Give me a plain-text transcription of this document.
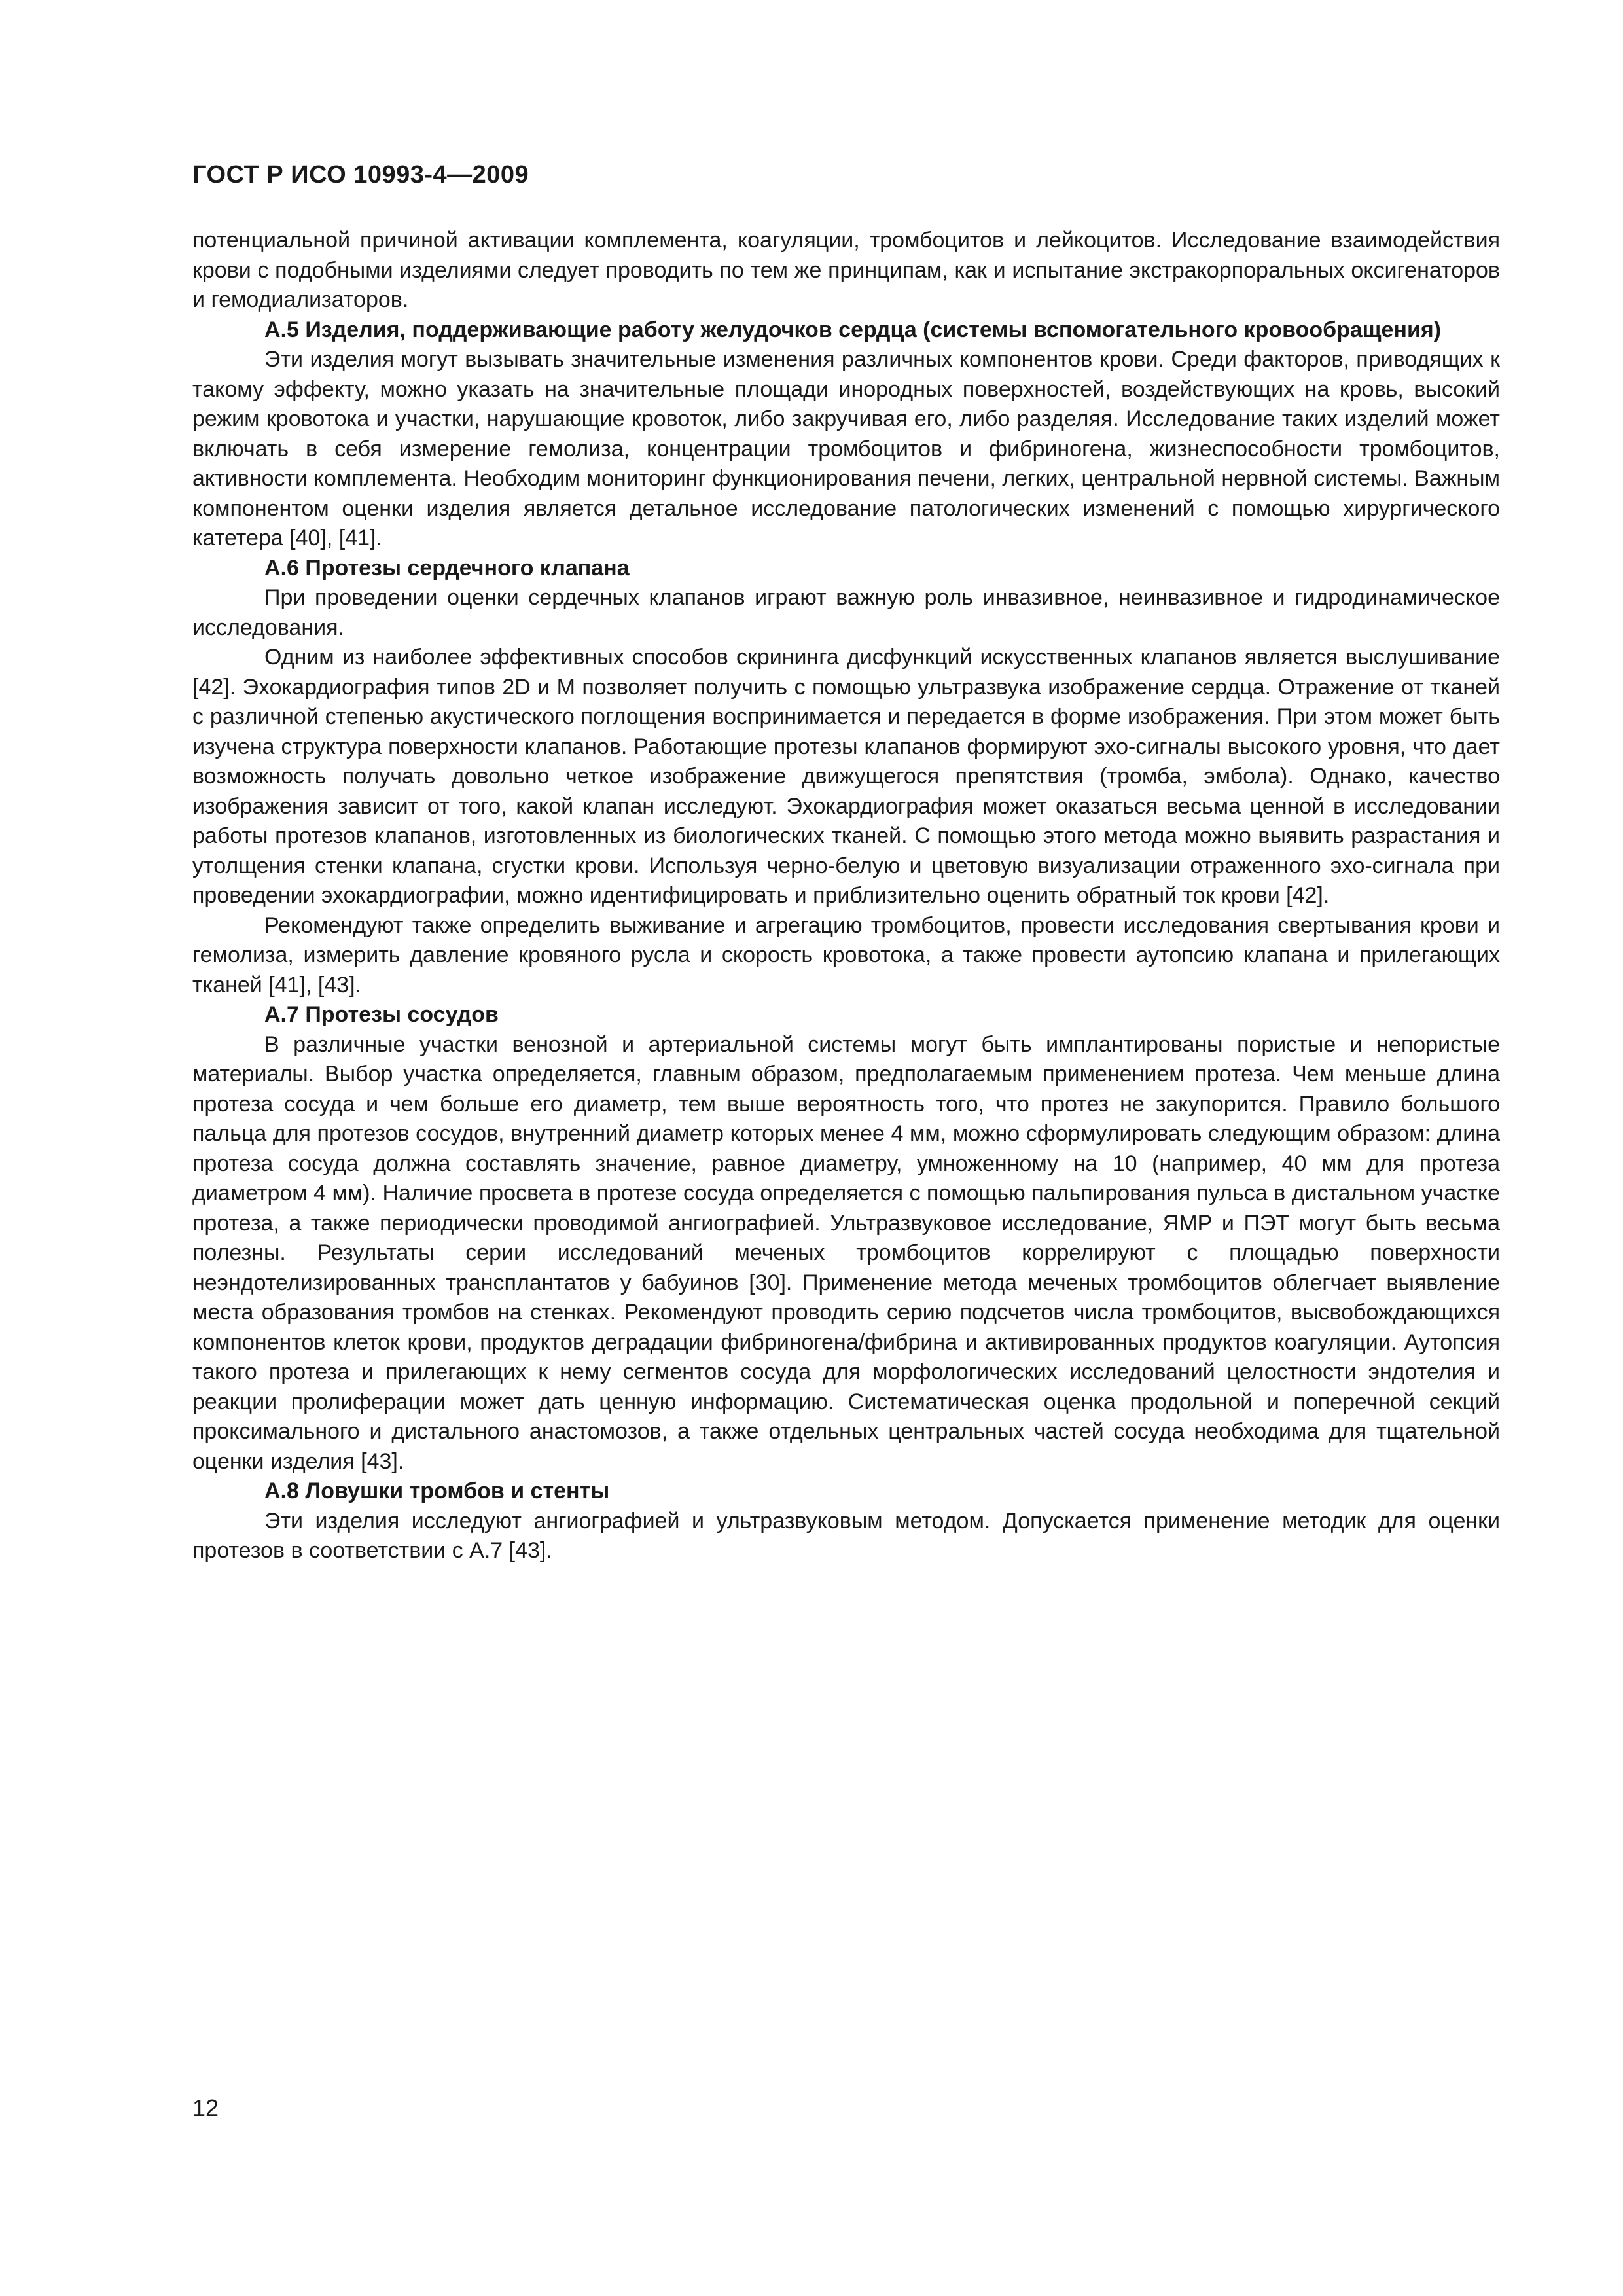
ГОСТ Р ИСО 10993-4—2009

потенциальной причиной активации комплемента, коагуляции, тромбоцитов и лейкоцитов. Исследование взаимодействия крови с подобными изделиями следует проводить по тем же принципам, как и испытание экстракорпоральных оксигенаторов и гемодиализаторов.

А.5 Изделия, поддерживающие работу желудочков сердца (системы вспомогательного кровообращения)

Эти изделия могут вызывать значительные изменения различных компонентов крови. Среди факторов, приводящих к такому эффекту, можно указать на значительные площади инородных поверхностей, воздействующих на кровь, высокий режим кровотока и участки, нарушающие кровоток, либо закручивая его, либо разделяя. Исследование таких изделий может включать в себя измерение гемолиза, концентрации тромбоцитов и фибриногена, жизнеспособности тромбоцитов, активности комплемента. Необходим мониторинг функционирования печени, легких, центральной нервной системы. Важным компонентом оценки изделия является детальное исследование патологических изменений с помощью хирургического катетера [40], [41].

А.6 Протезы сердечного клапана

При проведении оценки сердечных клапанов играют важную роль инвазивное, неинвазивное и гидродинамическое исследования.

Одним из наиболее эффективных способов скрининга дисфункций искусственных клапанов является выслушивание [42]. Эхокардиография типов 2D и M позволяет получить с помощью ультразвука изображение сердца. Отражение от тканей с различной степенью акустического поглощения воспринимается и передается в форме изображения. При этом может быть изучена структура поверхности клапанов. Работающие протезы клапанов формируют эхо-сигналы высокого уровня, что дает возможность получать довольно четкое изображение движущегося препятствия (тромба, эмбола). Однако, качество изображения зависит от того, какой клапан исследуют. Эхокардиография может оказаться весьма ценной в исследовании работы протезов клапанов, изготовленных из биологических тканей. С помощью этого метода можно выявить разрастания и утолщения стенки клапана, сгустки крови. Используя черно-белую и цветовую визуализации отраженного эхо-сигнала при проведении эхокардиографии, можно идентифицировать и приблизительно оценить обратный ток крови [42].

Рекомендуют также определить выживание и агрегацию тромбоцитов, провести исследования свертывания крови и гемолиза, измерить давление кровяного русла и скорость кровотока, а также провести аутопсию клапана и прилегающих тканей [41], [43].

А.7 Протезы сосудов

В различные участки венозной и артериальной системы могут быть имплантированы пористые и непористые материалы. Выбор участка определяется, главным образом, предполагаемым применением протеза. Чем меньше длина протеза сосуда и чем больше его диаметр, тем выше вероятность того, что протез не закупорится. Правило большого пальца для протезов сосудов, внутренний диаметр которых менее 4 мм, можно сформулировать следующим образом: длина протеза сосуда должна составлять значение, равное диаметру, умноженному на 10 (например, 40 мм для протеза диаметром 4 мм). Наличие просвета в протезе сосуда определяется с помощью пальпирования пульса в дистальном участке протеза, а также периодически проводимой ангиографией. Ультразвуковое исследование, ЯМР и ПЭТ могут быть весьма полезны. Результаты серии исследований меченых тромбоцитов коррелируют с площадью поверхности неэндотелизированных трансплантатов у бабуинов [30]. Применение метода меченых тромбоцитов облегчает выявление места образования тромбов на стенках. Рекомендуют проводить серию подсчетов числа тромбоцитов, высвобождающихся компонентов клеток крови, продуктов деградации фибриногена/фибрина и активированных продуктов коагуляции. Аутопсия такого протеза и прилегающих к нему сегментов сосуда для морфологических исследований целостности эндотелия и реакции пролиферации может дать ценную информацию. Систематическая оценка продольной и поперечной секций проксимального и дистального анастомозов, а также отдельных центральных частей сосуда необходима для тщательной оценки изделия [43].

А.8 Ловушки тромбов и стенты

Эти изделия исследуют ангиографией и ультразвуковым методом. Допускается применение методик для оценки протезов в соответствии с А.7 [43].

12
